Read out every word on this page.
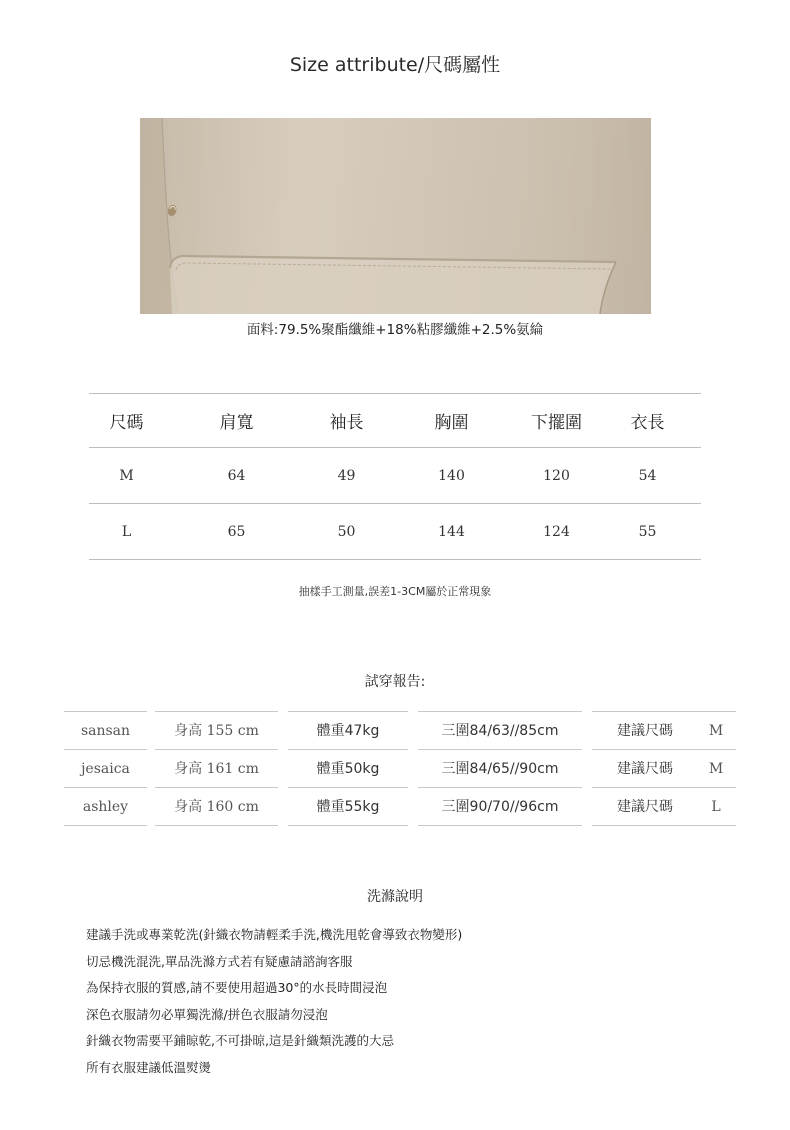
Size attribute/尺碼屬性
面料:79.5%聚酯纖維+18%粘膠纖維+2.5%氨綸
尺碼	肩寬	袖長	胸圍	下擺圍	衣長
M	64	49	140	120	54
L	65	50	144	124	55
抽樣手工測量,誤差1-3CM屬於正常現象
試穿報告:
sansan	身高 155 cm	體重47kg	三圍84/63//85cm	建議尺碼	M
jesaica	身高 161 cm	體重50kg	三圍84/65//90cm	建議尺碼	M
ashley	身高 160 cm	體重55kg	三圍90/70//96cm	建議尺碼	L
洗滌說明
建議手洗或專業乾洗(針織衣物請輕柔手洗,機洗甩乾會導致衣物變形)
切忌機洗混洗,單品洗滌方式若有疑慮請諮詢客服
為保持衣服的質感,請不要使用超過30°的水長時間浸泡
深色衣服請勿必單獨洗滌/拼色衣服請勿浸泡
針織衣物需要平鋪晾乾,不可掛晾,這是針織類洗護的大忌
所有衣服建議低溫熨燙
